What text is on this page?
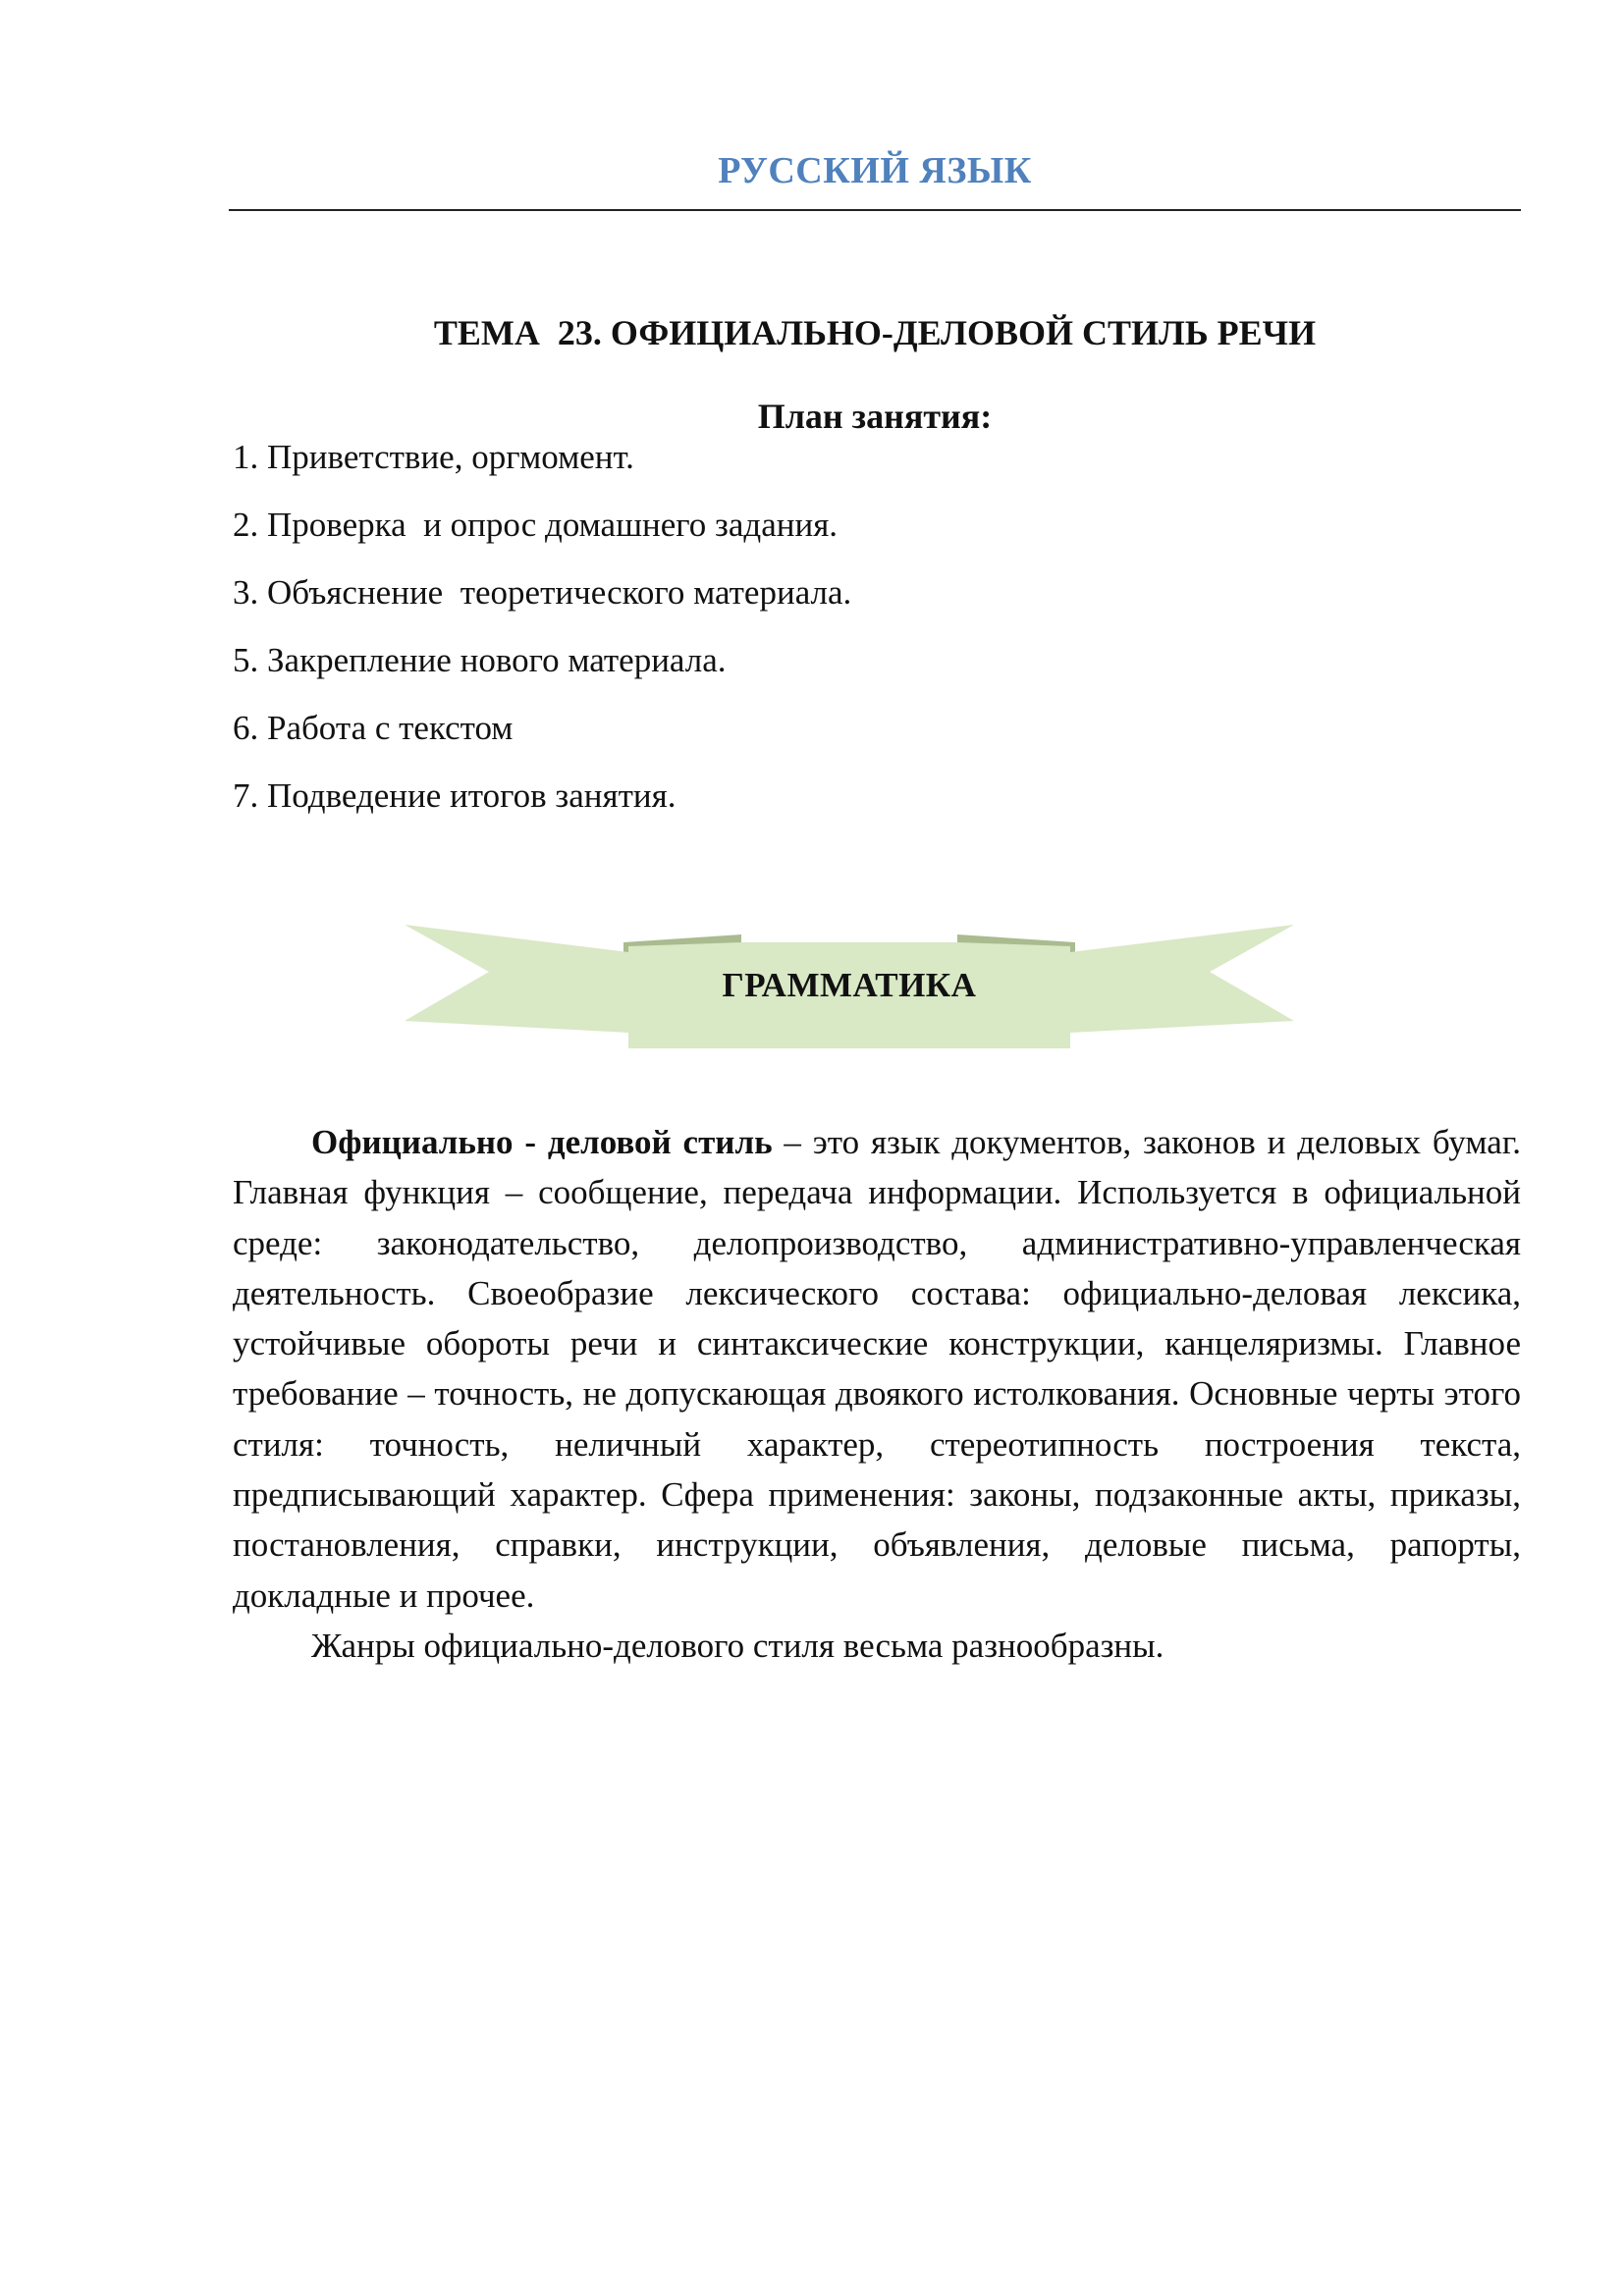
РУССКИЙ ЯЗЫК
ТЕМА  23. ОФИЦИАЛЬНО-ДЕЛОВОЙ СТИЛЬ РЕЧИ
План занятия:
1. Приветствие, оргмомент.
2. Проверка  и опрос домашнего задания.
3. Объяснение  теоретического материала.
5. Закрепление нового материала.
6. Работа с текстом
7. Подведение итогов занятия.
ГРАММАТИКА

Официально - деловой стиль – это язык документов, законов и деловых бумаг. Главная функция – сообщение, передача информации. Используется в официальной среде: законодательство, делопроизводство, административно-управленческая деятельность. Своеобразие лексического состава: официально-деловая лексика, устойчивые обороты речи и синтаксические конструкции, канцеляризмы. Главное требование – точность, не допускающая двоякого истолкования. Основные черты этого стиля: точность, неличный характер, стереотипность построения текста, предписывающий характер. Сфера применения: законы, подзаконные акты, приказы, постановления, справки, инструкции, объявления, деловые письма, рапорты, докладные и прочее.

Жанры официально-делового стиля весьма разнообразны.
